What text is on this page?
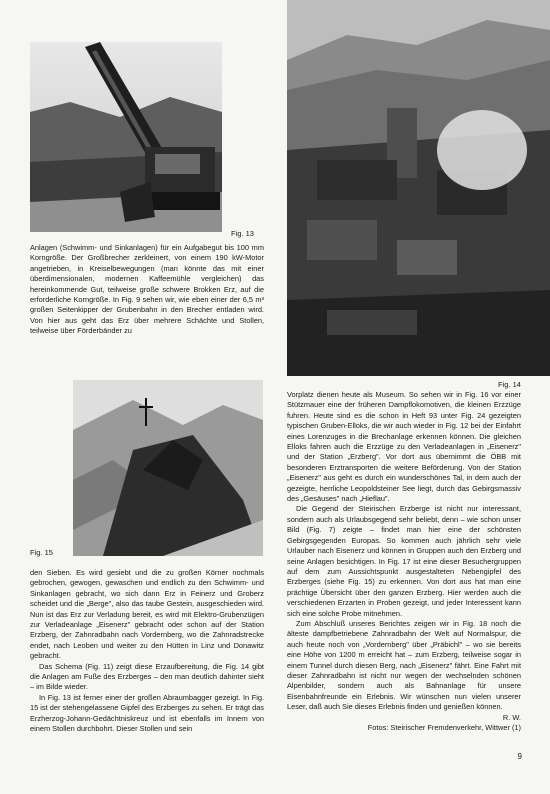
Fig. 13
Fig. 14
Fig. 15

Anlagen (Schwimm- und Sinkanlagen) für ein Aufgabegut bis 100 mm Korngröße. Der Großbrecher zerkleinert, von einem 190 kW-Motor angetrieben, in Kreiselbewegungen (man könnte das mit einer überdimensionalen, modernen Kaffeemühle vergleichen) das hereinkommende Gut, teilweise große schwere Brokken Erz, auf die erforderliche Korngröße. In Fig. 9 sehen wir, wie eben einer der 6,5 m³ großen Seitenkipper der Grubenbahn in den Brecher entladen wird. Von hier aus geht das Erz über mehrere Schächte und Stollen, teilweise über Förderbänder zu

den Sieben. Es wird gesiebt und die zu großen Körner nochmals gebrochen, gewogen, gewaschen und endlich zu den Schwimm- und Sinkanlagen gebracht, wo sich dann Erz in Feinerz und Groberz scheidet und die „Berge", also das taube Gestein, ausgeschieden wird. Nun ist das Erz zur Verladung bereit, es wird mit Elektro-Grubenzügen zur Verladeanlage „Eisenerz" gebracht oder schon auf der Station Erzberg, der Zahnradbahn nach Vordernberg, wo die Zahnradstrecke endet, nach Leoben und weiter zu den Hütten in Linz und Donawitz gebracht.

Das Schema (Fig. 11) zeigt diese Erzaufbereitung, die Fig. 14 gibt die Anlagen am Fuße des Erzberges – den man deutlich dahinter sieht – im Bilde wieder.

In Fig. 13 ist ferner einer der großen Abraumbagger gezeigt. In Fig. 15 ist der stehengelassene Gipfel des Erzberges zu sehen. Er trägt das Erzherzog-Johann-Gedächtniskreuz und ist ebenfalls im Innern von einem Stollen durchbohrt. Dieser Stollen und sein

Vorplatz dienen heute als Museum. So sehen wir in Fig. 16 vor einer Stützmauer eine der früheren Dampflokomotiven, die kleinen Erzzüge fuhren. Heute sind es die schon in Heft 93 unter Fig. 24 gezeigten typischen Gruben-Elloks, die wir auch wieder in Fig. 12 bei der Einfahrt eines Lorenzuges in die Brechanlage erkennen können. Die gleichen Elloks fahren auch die Erzzüge zu den Verladeanlagen in „Eisenerz" und der Station „Erzberg". Vor dort aus übernimmt die ÖBB mit besonderen Erztransporten die weitere Beförderung. Von der Station „Eisenerz" aus geht es durch ein wunderschönes Tal, in dem auch der gezeigte, herrliche Leopoldsteiner See liegt, durch das Gebirgsmassiv des „Gesäuses" nach „Hieflau".

Die Gegend der Steirischen Erzberge ist nicht nur interessant, sondern auch als Urlaubsgegend sehr beliebt, denn – wie schon unser Bild (Fig. 7) zeigte – findet man hier eine der schönsten Gebirgsgegenden Europas. So kommen auch jährlich sehr viele Urlauber nach Eisenerz und können in Gruppen auch den Erzberg und seine Anlagen besichtigen. In Fig. 17 ist eine dieser Besuchergruppen auf dem zum Aussichtspunkt ausgestalteten Nebengipfel des Erzberges (siehe Fig. 15) zu erkennen. Von dort aus hat man eine prächtige Übersicht über den ganzen Erzberg. Hier werden auch die verschiedenen Erzarten in Proben gezeigt, und jeder Interessent kann sich eine solche Probe mitnehmen.

Zum Abschluß unseres Berichtes zeigen wir in Fig. 18 noch die älteste dampfbetriebene Zahnradbahn der Welt auf Normalspur, die auch heute noch von „Vordernberg" über „Präbichl" – wo sie bereits eine Höhe von 1200 m erreicht hat – zum Erzberg, teilweise sogar in einem Tunnel durch diesen Berg, nach „Eisenerz" fährt. Eine Fahrt mit dieser Zahnradbahn ist nicht nur wegen der wechselnden schönen Alpenbilder, sondern auch als Bahnanlage für unsere Eisenbahnfreunde ein Erlebnis. Wir wünschen nun vielen unserer Leser, daß auch Sie dieses Erlebnis finden und genießen können.

R. W.

Fotos: Steirischer Fremdenverkehr, Wittwer (1)

9
